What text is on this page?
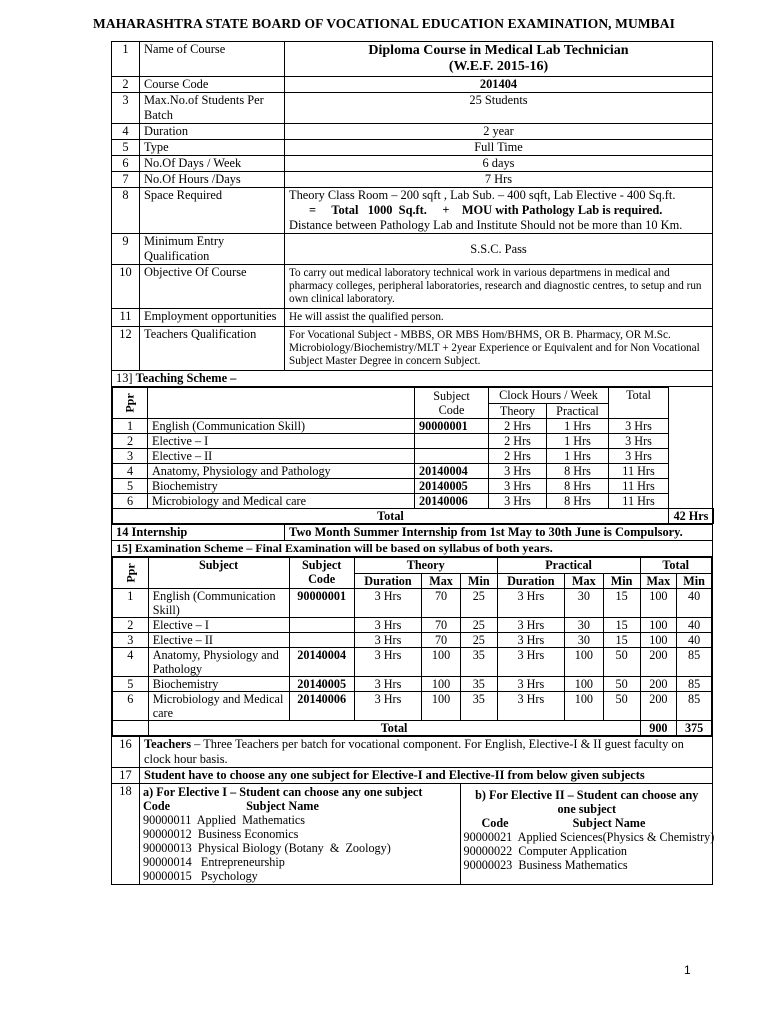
MAHARASHTRA STATE BOARD OF VOCATIONAL EDUCATION EXAMINATION, MUMBAI
1	Name of Course	Diploma Course in Medical Lab Technician
(W.E.F. 2015-16)

2	Course Code	201404
3	Max.No.of Students Per Batch	25 Students
4	Duration	2 year
5	Type	Full Time
6	No.Of Days / Week	6 days
7	No.Of Hours /Days	7 Hrs
8	Space Required	Theory Class Room – 200 sqft , Lab Sub. – 400 sqft, Lab Elective - 400 Sq.ft.
=     Total   1000  Sq.ft.     +    MOU with Pathology Lab is required.
Distance between Pathology Lab and Institute Should not be more than 10 Km.

9	Minimum Entry Qualification	S.S.C. Pass
10	Objective Of Course	To carry out medical laboratory technical work in various departmens in medical and pharmacy colleges, peripheral laboratories, research and diagnostic centres, to setup and run own clinical laboratory.
11	Employment opportunities	He will assist the qualified person.
12	Teachers Qualification	For Vocational Subject - MBBS, OR MBS Hom/BHMS, OR B. Pharmacy, OR M.Sc. Microbiology/Biochemistry/MLT + 2year Experience or Equivalent and for Non Vocational Subject Master Degree in concern Subject.
13] Teaching Scheme –

Ppr		Subject Code	Clock Hours / Week	Total
Theory	Practical
1	English (Communication Skill)	90000001	2 Hrs	1 Hrs	3 Hrs
2	Elective – I		2 Hrs	1 Hrs	3 Hrs
3	Elective – II		2 Hrs	1 Hrs	3 Hrs
4	Anatomy, Physiology and Pathology	20140004	3 Hrs	8 Hrs	11 Hrs
5	Biochemistry	20140005	3 Hrs	8 Hrs	11 Hrs
6	Microbiology and Medical care	20140006	3 Hrs	8 Hrs	11 Hrs
Total	42 Hrs

14 Internship	Two Month Summer Internship from 1st May to 30th June is Compulsory.
15] Examination Scheme – Final Examination will be based on syllabus of both years.

Ppr	Subject	Subject Code	Theory	Practical	Total
Duration	Max	Min	Duration	Max	Min	Max	Min
1	English (Communication Skill)	90000001	3 Hrs	70	25	3 Hrs	30	15	100	40
2	Elective – I		3 Hrs	70	25	3 Hrs	30	15	100	40
3	Elective – II		3 Hrs	70	25	3 Hrs	30	15	100	40
4	Anatomy, Physiology and Pathology	20140004	3 Hrs	100	35	3 Hrs	100	50	200	85
5	Biochemistry	20140005	3 Hrs	100	35	3 Hrs	100	50	200	85
6	Microbiology and Medical care	20140006	3 Hrs	100	35	3 Hrs	100	50	200	85
	Total	900	375

16	Teachers – Three Teachers per batch for vocational component. For English, Elective-I & II guest faculty on clock hour basis.
17	Student have to choose any one subject for Elective-I and Elective-II from below given subjects
18	a) For Elective I – Student can choose any one subject
Code	Subject Name
90000011 Applied  Mathematics
90000012 Business Economics
90000013 Physical Biology (Botany  &  Zoology)
90000014   Entrepreneurship
90000015   Psychology

b) For Elective II – Student can choose any one subject
Code	Subject Name
90000021 Applied Sciences(Physics & Chemistry)
90000022 Computer Application
90000023 Business Mathematics
1
